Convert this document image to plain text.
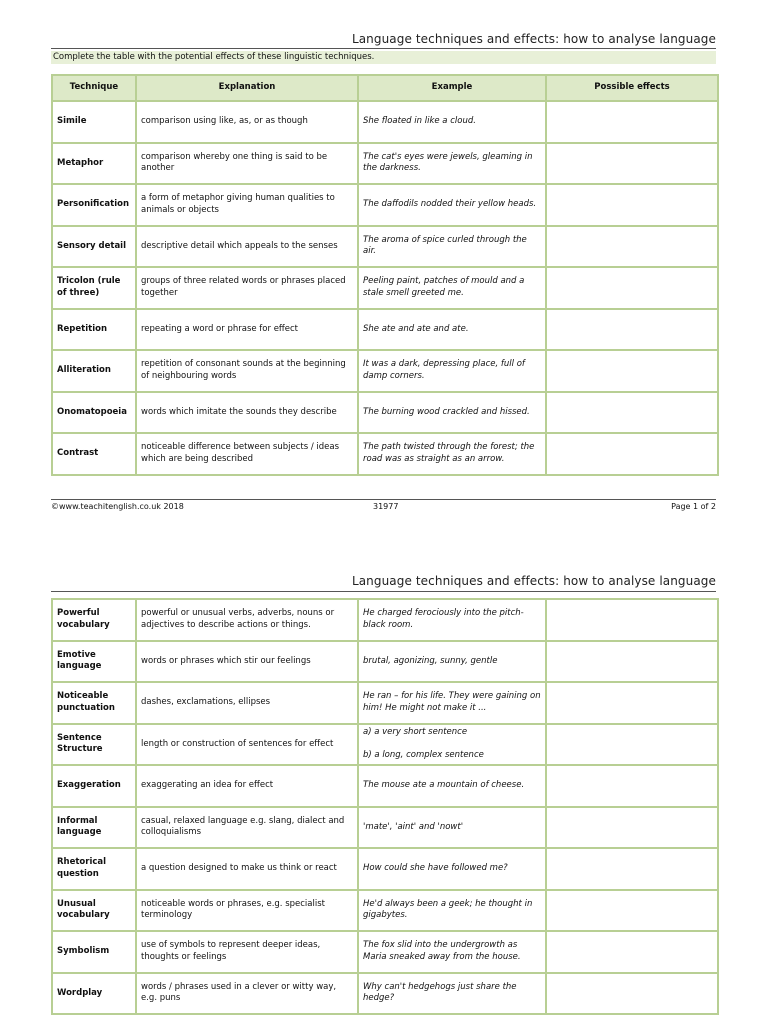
Language techniques and effects: how to analyse language
Complete the table with the potential effects of these linguistic techniques.
Technique	Explanation	Example	Possible effects
Simile	comparison using like, as, or as though	She floated in like a cloud.	
Metaphor	comparison whereby one thing is said to be another	The cat's eyes were jewels, gleaming in the darkness.	
Personification	a form of metaphor giving human qualities to animals or objects	The daffodils nodded their yellow heads.	
Sensory detail	descriptive detail which appeals to the senses	The aroma of spice curled through the air.	
Tricolon (rule of three)	groups of three related words or phrases placed together	Peeling paint, patches of mould and a stale smell greeted me.	
Repetition	repeating a word or phrase for effect	She ate and ate and ate.	
Alliteration	repetition of consonant sounds at the beginning of neighbouring words	It was a dark, depressing place, full of damp corners.	
Onomatopoeia	words which imitate the sounds they describe	The burning wood crackled and hissed.	
Contrast	noticeable difference between subjects / ideas which are being described	The path twisted through the forest; the road was as straight as an arrow.	
©www.teachitenglish.co.uk 2018	31977	Page 1 of 2
Language techniques and effects: how to analyse language
Powerful vocabulary	powerful or unusual verbs, adverbs, nouns or adjectives to describe actions or things.	He charged ferociously into the pitch-black room.	
Emotive language	words or phrases which stir our feelings	brutal, agonizing, sunny, gentle	
Noticeable punctuation	dashes, exclamations, ellipses	He ran – for his life. They were gaining on him! He might not make it ...	
Sentence Structure	length or construction of sentences for effect	a) a very short sentence
b) a long, complex sentence	

Exaggeration	exaggerating an idea for effect	The mouse ate a mountain of cheese.	
Informal language	casual, relaxed language e.g. slang, dialect and colloquialisms	'mate', 'aint' and 'nowt'	
Rhetorical question	a question designed to make us think or react	How could she have followed me?	
Unusual vocabulary	noticeable words or phrases, e.g. specialist terminology	He'd always been a geek; he thought in gigabytes.	
Symbolism	use of symbols to represent deeper ideas, thoughts or feelings	The fox slid into the undergrowth as Maria sneaked away from the house.	
Wordplay	words / phrases used in a clever or witty way, e.g. puns	Why can't hedgehogs just share the hedge?	
